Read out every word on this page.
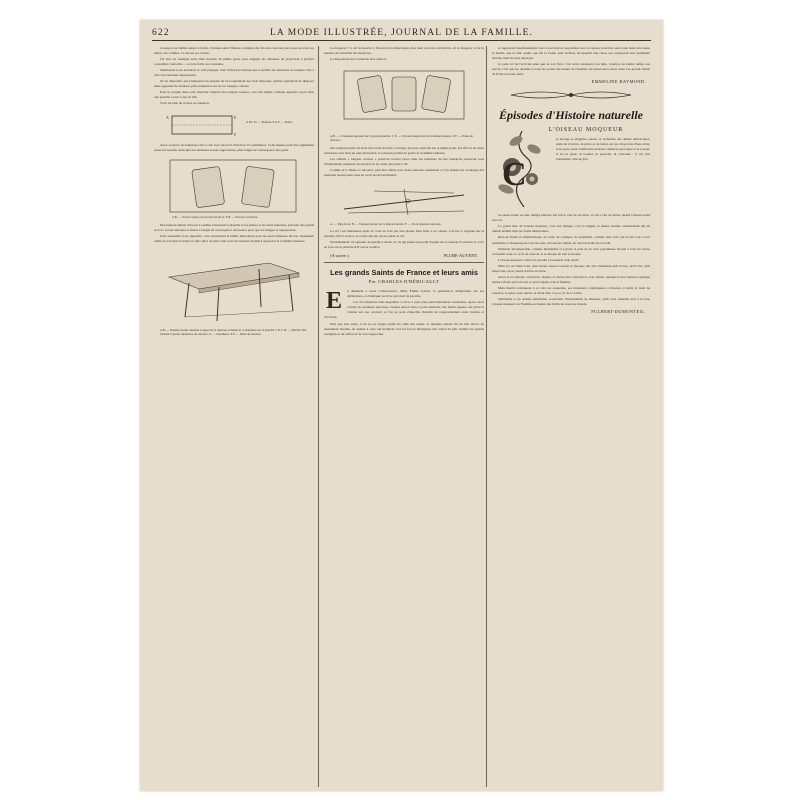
622	LA MODE ILLUSTRÉE, JOURNAL DE LA FAMILLE.

la neige et en même temps le fonds. J'obtiens ainsi l'illusion complète des flocons couvrant peu à peu les toits, les arbres, les collines. Le succès est certain.

J'ai cité cet exemple entre bien d'autres du même genre pour engager les amateurs de projection à profiter conseillers conforme ... cet très facile au construire.

Maintenant nous abordons le côté pratique. Tout d'abord je déclare que le préfère les lanternes accouplées côte à côte aux lanternes superposées.

Or un dispositif, que j'indiquerai au surplus de l'accouplement des trois lanternes, permet également de disposer deux appareils de manière qu'ils puissent recevoir les longues courses.

Pour le coupler deux sans chercher l'emploi des longues courses, c'est très simple. Chaque appareil a pour base une planche ou un corps de tôle.

Voici un plan de la base en question.

A	E
F
A B C D. — Planche. E et F. — Pattes.

Alors on place les lanternes côte à côte avec un écart d'environ 15 centimètres. Cette mesure peut être augmentée selon les besoins, mais plus les lanternes seront rapprochées, plus l'angle de convergence sera petit.

A B. — Troncs ronds pour le point de pivot. E B. — Ecrous ou entraxe.

Des boulons munis d'écrous à oreilles traversent la planche et les pattes; et les deux lanternes, pivotant aux points A et A', seront amenées et fixées à l'angle de convergence nécessaire pour que les images se superposent.

Pour assembler trois appareils, c'est exactement la même disposition pour les deux lanternes du bas. Seulement celles-ci sont plus écartées et entre elles on place une sorte de tabouret destiné à supporter la troisième lanterne.

A B. — Planche mobile destinée à supporter la lanterne et munie de 4 charnières sur la planche C D. C D. — Planche fixe formant la partie supérieure du tabouret. E. — Charnières. E F. — Pieds du tabouret.

La longueur C L de la hauteur L M auront les dimensions plus haut ou trois centimètres, de la longueur et de la hauteur du ensemble des lanternes.

La disposition sur la planche sera celle-ci.

A B. — 2 lanternes reposant sur la grande planche. C D. — Tabouret supportant la troisième lanterne. E F. — Pattes du tabouret.

On comprend qu'il est alors très facile de faire converger les trois objectifs sur le même point. En effet si les deux extérieurs sont dans un plan horizontal, le tabouret permet de porter la troisième lanterne.

Les châssis « longues courses » pourront trouver place dans les lanternes du bas puisqu'ils passeront sous l'entablement supérieur du tabouret et en avant des pieds L M.

Comme je le disais, le tabouret, peut être utilisé pour deux lanternes seulement et l'on obtient les avantages des lanternes superposées sans en avoir les inconvénients.

A. — Tige de fer. B. — Tabouret monté sur le plateau mobile. F. — Trois lanternes reposant.

La vis l est maintenue après la croix en bois par une plaque bien fixée à sa cabeza. L'écrou G s'appuie sur la planche A B et avance ou recule suivant qu'on tourne la vis.

Naturellement, en agissant de gauche à droite, la vis qui prend son point d'appui sur le tasseau D soulève la croix en bois sur la planche A B qui se soulève.

(A suivre.)	PLUBE-AUVENT.
Les grands Saints de France et leurs amis
Par CHARLES D'HÉRICAULT
E	n demande à notre collaboratrice, Mme Émilie Lafont, la permission d'emprunter sur ses attributions, et d'indiquer un livre qui vient de paraître.

Les circonstances dans lesquelles ce livre a paru sont particulièrement touchantes. Après avoir corrigé les dernières épreuves, l'auteur entrait dans la paix éternelle; des mains pieuses ont placé le volume sur son cercueil, et l'on ne peut s'interdire d'établir un rapprochement entre l'œuvre et l'écrivain.

Plus que tout autre, il est pu se ranger parmi les amis des saints: sa dernière pensée fut de leur élever un monument durable, de donner à ceux qui inclinent vers les forces intérieures une raison de plus d'aimer les grands exemples et de s'efforcer de s'en rapprocher.

et supportant moelleusement tout ce qui était en opposition avec sa nature, très-libre sans toute mais très dense et tendre, que le mal, quelle que fût la forme qu'il revêtait, lui apparût une chose qui comportait non seulement morale, mais de plus physique.

Je parle ici de l'écrivain plus que de son livre; c'est qu'en analysant son âme, j'analyse en même temps son œuvre; c'est que les qualités et sans les vertus très hautes de l'homme ont laissé leurs traces dans Les grands Saints de France et leurs amis.

EMMELINE RAYMOND.
Épisodes d'Histoire naturelle
C
L'OISEAU MOQUEUR

et étrange et singulier oiseau, si recherché des dames américaines, plein de vivacité, de grâce et de talent, est un citoyen des États-Unis; il ne porte point d'uniforme éclatant comme le perroquet et le toucan, il n'a ni galet, ni bonnet, ni panache, ni couronne : il est tout bonnement vêtu de gris.

Sa seule parure est une rémige blanche qui fait le tour de ses ailes, et qui a l'air de flotter quand l'oiseau prend son vol.

Le grand luxe de l'oiseau moqueur, c'est son ramage, c'est sa langue, la mieux pendue certainement qui ait jamais habillé dans les forêts américaines.

Rien de fluide et d'harmonieux, de varié, de comique, de stupéfiant, comme cette voix qui se fait tour à tour spirituelle et moqueuse de tous les sons, de tous les chants, de tous les bruits de la forêt.

Imitateur incomparable, critique infatigable et joyeux, il jette de sa voix gouailleuse l'ironie à tous les vents, contrefait ceux-ci, se rit de ceux-là, et se moque de tout le monde.

L'oiseau moqueur a élevé la parodie à la hauteur d'un chant.

Mais il a un chant à lui, dont aucun oiseau n'oserait se moquer, des airs charmants qu'il trouve, qu'il crée, qu'il improvise, en se jouant d'arbre en arbre.

Alors, il est sérieux, convaincu, inspiré, il chante avec conscience, avec amour, quelque douce chanson, quelque tendre refrain qu'on écoute et qu'on répète sous la feuillée.

Mais bientôt reviennent à sa voix les sonneries, ses fantaisies compliquées et bizarres, il imite le bruit du tonnerre, le galop d'un cheval, le chant d'un coq, le cri de la vache.

Semblable à ces artistes ambulants, souverains d'instruments de musique, qu'ils font entendre tous à la fois, l'oiseau moqueur est l'homme-orchestre des forêts du nouveau monde.

FULBERT-DUMONTEIL.
